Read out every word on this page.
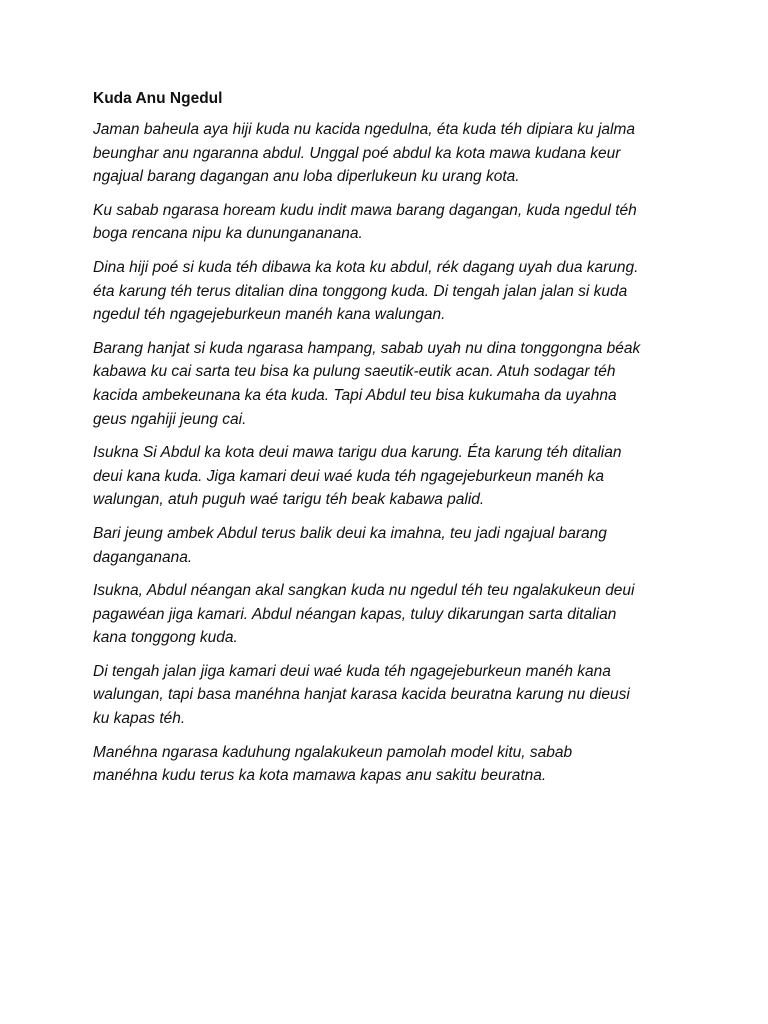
Kuda Anu Ngedul

Jaman baheula aya hiji kuda nu kacida ngedulna, éta kuda téh dipiara ku jalma
beunghar anu ngaranna abdul. Unggal poé abdul ka kota mawa kudana keur
ngajual barang dagangan anu loba diperlukeun ku urang kota.

Ku sabab ngarasa hoream kudu indit mawa barang dagangan, kuda ngedul téh
boga rencana nipu ka dunungananana.

Dina hiji poé si kuda téh dibawa ka kota ku abdul, rék dagang uyah dua karung.
éta karung téh terus ditalian dina tonggong kuda. Di tengah jalan jalan si kuda
ngedul téh ngagejeburkeun manéh kana walungan.

Barang hanjat si kuda ngarasa hampang, sabab uyah nu dina tonggongna béak
kabawa ku cai sarta teu bisa ka pulung saeutik-eutik acan. Atuh sodagar téh
kacida ambekeunana ka éta kuda. Tapi Abdul teu bisa kukumaha da uyahna
geus ngahiji jeung cai.

Isukna Si Abdul ka kota deui mawa tarigu dua karung. Éta karung téh ditalian
deui kana kuda. Jiga kamari deui waé kuda téh ngagejeburkeun manéh ka
walungan, atuh puguh waé tarigu téh beak kabawa palid.

Bari jeung ambek Abdul terus balik deui ka imahna, teu jadi ngajual barang
daganganana.

Isukna, Abdul néangan akal sangkan kuda nu ngedul téh teu ngalakukeun deui
pagawéan jiga kamari. Abdul néangan kapas, tuluy dikarungan sarta ditalian
kana tonggong kuda.

Di tengah jalan jiga kamari deui waé kuda téh ngagejeburkeun manéh kana
walungan, tapi basa manéhna hanjat karasa kacida beuratna karung nu dieusi
ku kapas téh.

Manéhna ngarasa kaduhung ngalakukeun pamolah model kitu, sabab
manéhna kudu terus ka kota mamawa kapas anu sakitu beuratna.
